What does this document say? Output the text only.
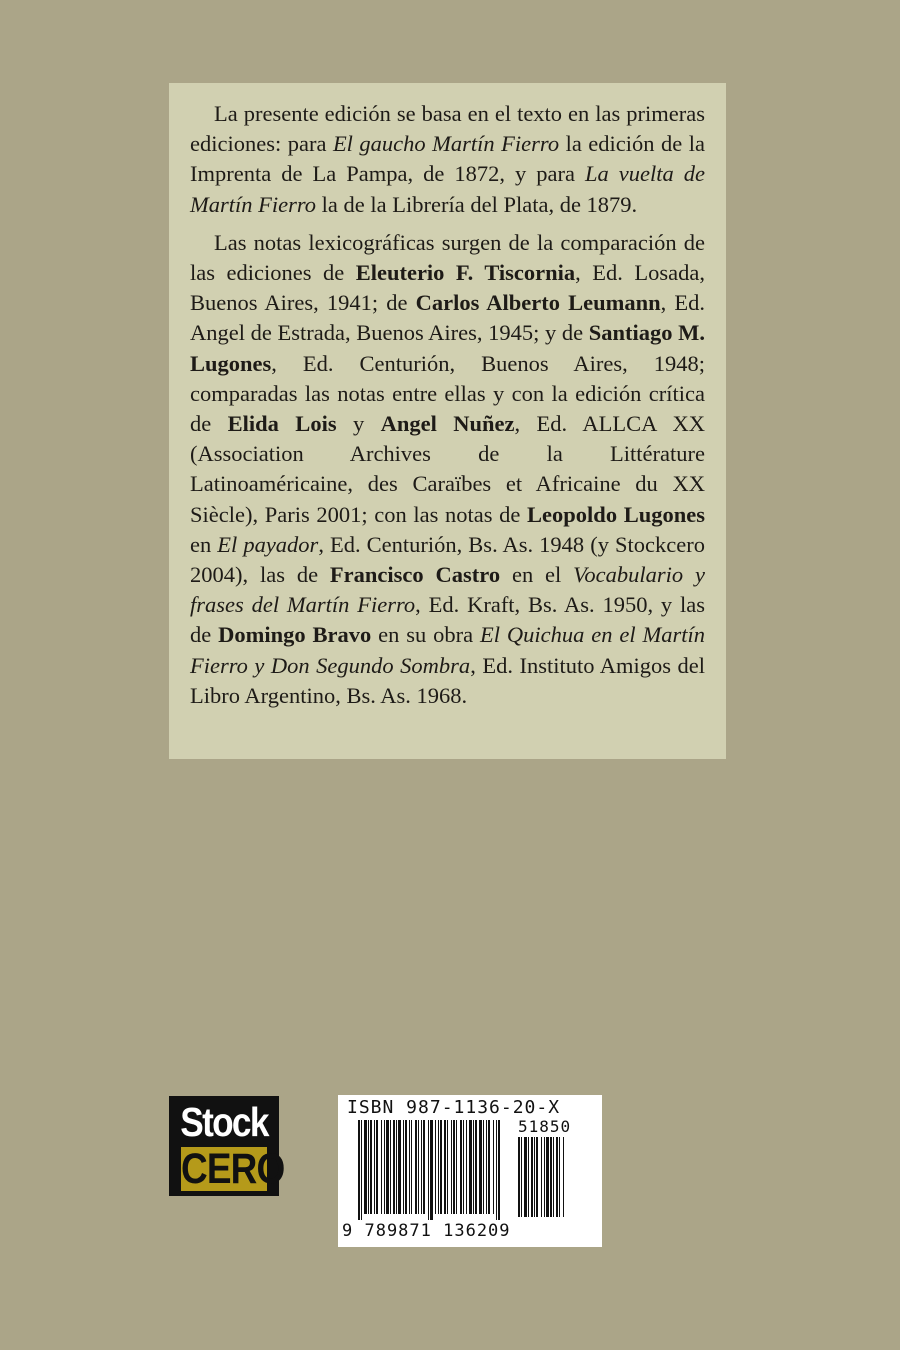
La presente edición se basa en el texto en las primeras ediciones: para El gaucho Martín Fierro la edición de la Imprenta de La Pampa, de 1872, y para La vuelta de Martín Fierro la de la Librería del Plata, de 1879.

Las notas lexicográficas surgen de la comparación de las ediciones de Eleuterio F. Tiscornia, Ed. Losada, Buenos Aires, 1941; de Carlos Alberto Leumann, Ed. Angel de Estrada, Buenos Aires, 1945; y de Santiago M. Lugones, Ed. Centurión, Buenos Aires, 1948; comparadas las notas entre ellas y con la edición crítica de Elida Lois y Angel Nuñez, Ed. ALLCA XX (Association Archives de la Littérature Latinoaméricaine, des Caraïbes et Africaine du XX Siècle), Paris 2001; con las notas de Leopoldo Lugones en El payador, Ed. Centurión, Bs. As. 1948 (y Stockcero 2004), las de Francisco Castro en el Vocabulario y frases del Martín Fierro, Ed. Kraft, Bs. As. 1950, y las de Domingo Bravo en su obra El Quichua en el Martín Fierro y Don Segundo Sombra, Ed. Instituto Amigos del Libro Argentino, Bs. As. 1968.

Stock
CERO
ISBN 987-1136-20-X
51850
9 789871 136209
